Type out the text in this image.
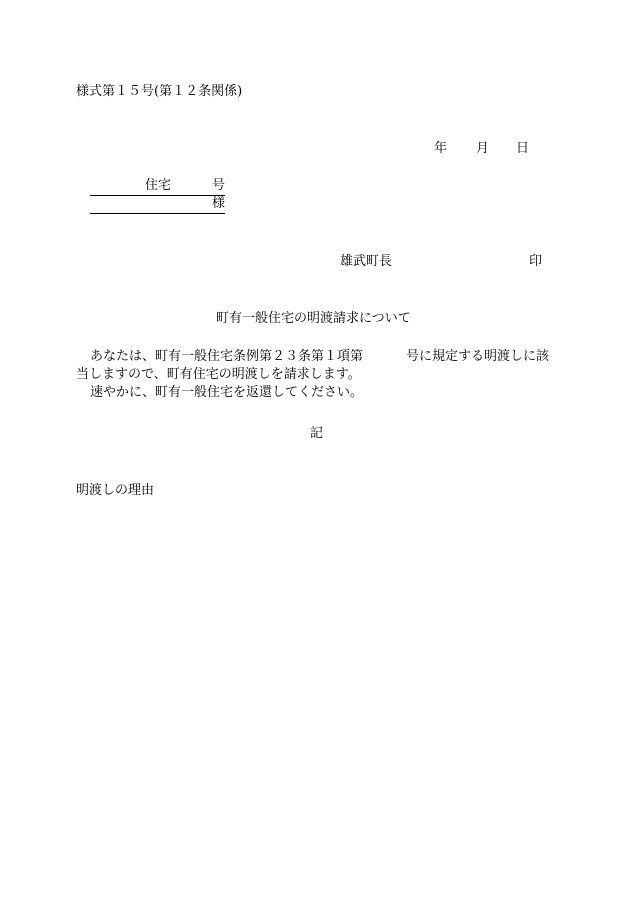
様式第１５号(第１２条関係)
年 月 日
住宅	号
様
雄武町長	印
町有一般住宅の明渡請求について
あなたは、町有一般住宅条例第２３条第１項第	号に規定する明渡しに該
当しますので、町有住宅の明渡しを請求します。
速やかに、町有一般住宅を返還してください。
記
明渡しの理由
